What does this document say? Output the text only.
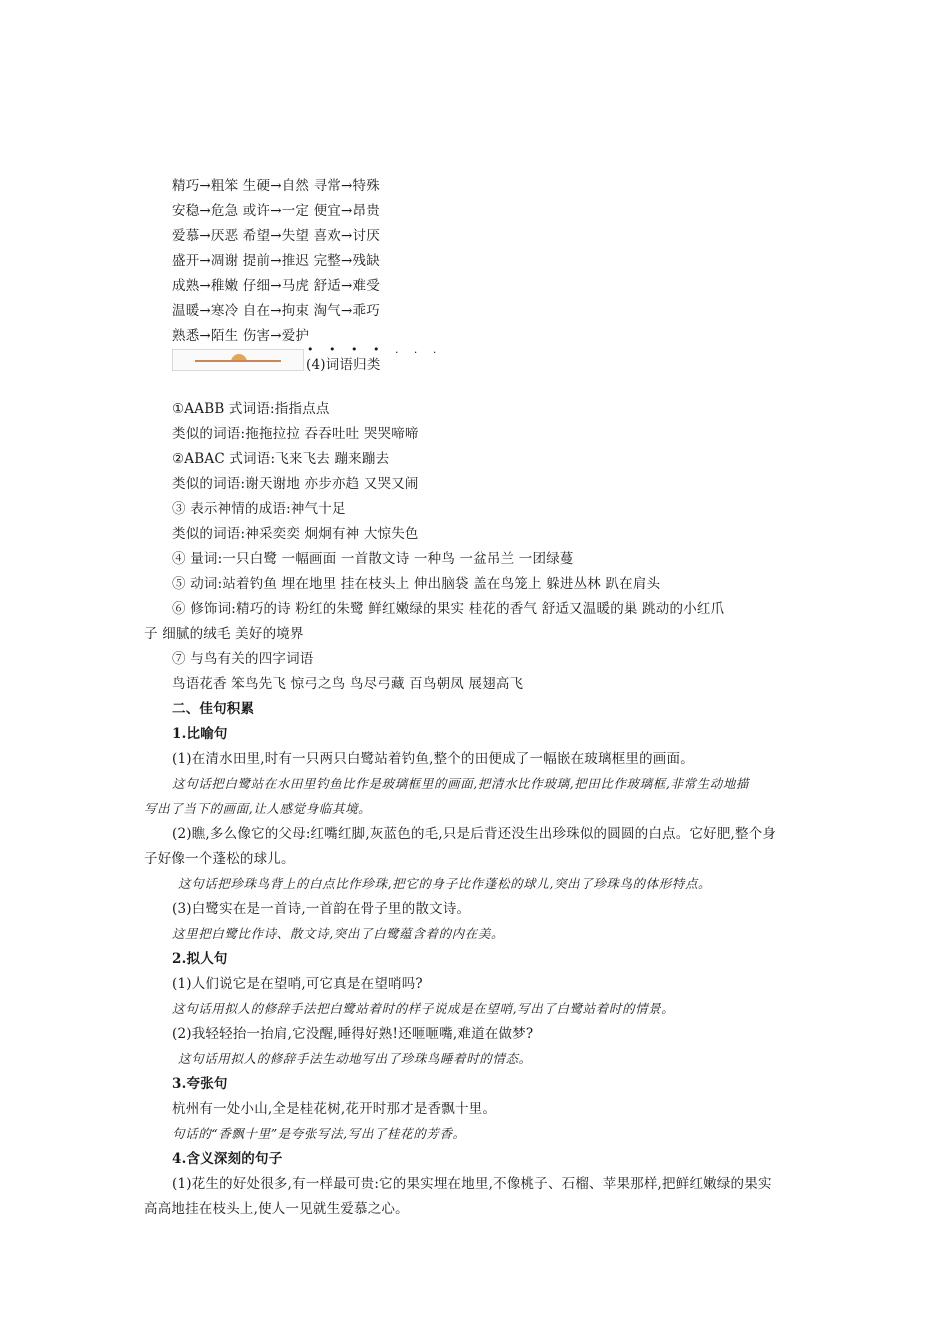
精巧→粗笨 生硬→自然 寻常→特殊
安稳→危急 或许→一定 便宜→昂贵
爱慕→厌恶 希望→失望 喜欢→讨厌
盛开→凋谢 提前→推迟 完整→残缺
成熟→稚嫩 仔细→马虎 舒适→难受
温暖→寒冷 自在→拘束 淘气→乖巧
熟悉→陌生 伤害→爱护
• • • • . . .
(4)词语归类
①AABB 式词语:指指点点
类似的词语:拖拖拉拉 吞吞吐吐 哭哭啼啼
②ABAC 式词语:飞来飞去 蹦来蹦去
类似的词语:谢天谢地 亦步亦趋 又哭又闹
③ 表示神情的成语:神气十足
类似的词语:神采奕奕 炯炯有神 大惊失色
④ 量词:一只白鹭 一幅画面 一首散文诗 一种鸟 一盆吊兰 一团绿蔓
⑤ 动词:站着钓鱼 埋在地里 挂在枝头上 伸出脑袋 盖在鸟笼上 躲进丛林 趴在肩头
⑥ 修饰词:精巧的诗 粉红的朱鹭 鲜红嫩绿的果实 桂花的香气 舒适又温暖的巢 跳动的小红爪
子 细腻的绒毛 美好的境界
⑦ 与鸟有关的四字词语
鸟语花香 笨鸟先飞 惊弓之鸟 鸟尽弓藏 百鸟朝凤 展翅高飞
二、佳句积累
1.比喻句
(1)在清水田里,时有一只两只白鹭站着钓鱼,整个的田便成了一幅嵌在玻璃框里的画面。
这句话把白鹭站在水田里钓鱼比作是玻璃框里的画面,把清水比作玻璃,把田比作玻璃框,非常生动地描
写出了当下的画面,让人感觉身临其境。
(2)瞧,多么像它的父母:红嘴红脚,灰蓝色的毛,只是后背还没生出珍珠似的圆圆的白点。它好肥,整个身
子好像一个蓬松的球儿。
这句话把珍珠鸟背上的白点比作珍珠,把它的身子比作蓬松的球儿,突出了珍珠鸟的体形特点。
(3)白鹭实在是一首诗,一首韵在骨子里的散文诗。
这里把白鹭比作诗、散文诗,突出了白鹭蕴含着的内在美。
2.拟人句
(1)人们说它是在望哨,可它真是在望哨吗?
这句话用拟人的修辞手法把白鹭站着时的样子说成是在望哨,写出了白鹭站着时的情景。
(2)我轻轻抬一抬肩,它没醒,睡得好熟!还咂咂嘴,难道在做梦?
这句话用拟人的修辞手法生动地写出了珍珠鸟睡着时的情态。
3.夸张句
杭州有一处小山,全是桂花树,花开时那才是香飘十里。
句话的“香飘十里”是夸张写法,写出了桂花的芳香。
4.含义深刻的句子
(1)花生的好处很多,有一样最可贵:它的果实埋在地里,不像桃子、石榴、苹果那样,把鲜红嫩绿的果实
高高地挂在枝头上,使人一见就生爱慕之心。
